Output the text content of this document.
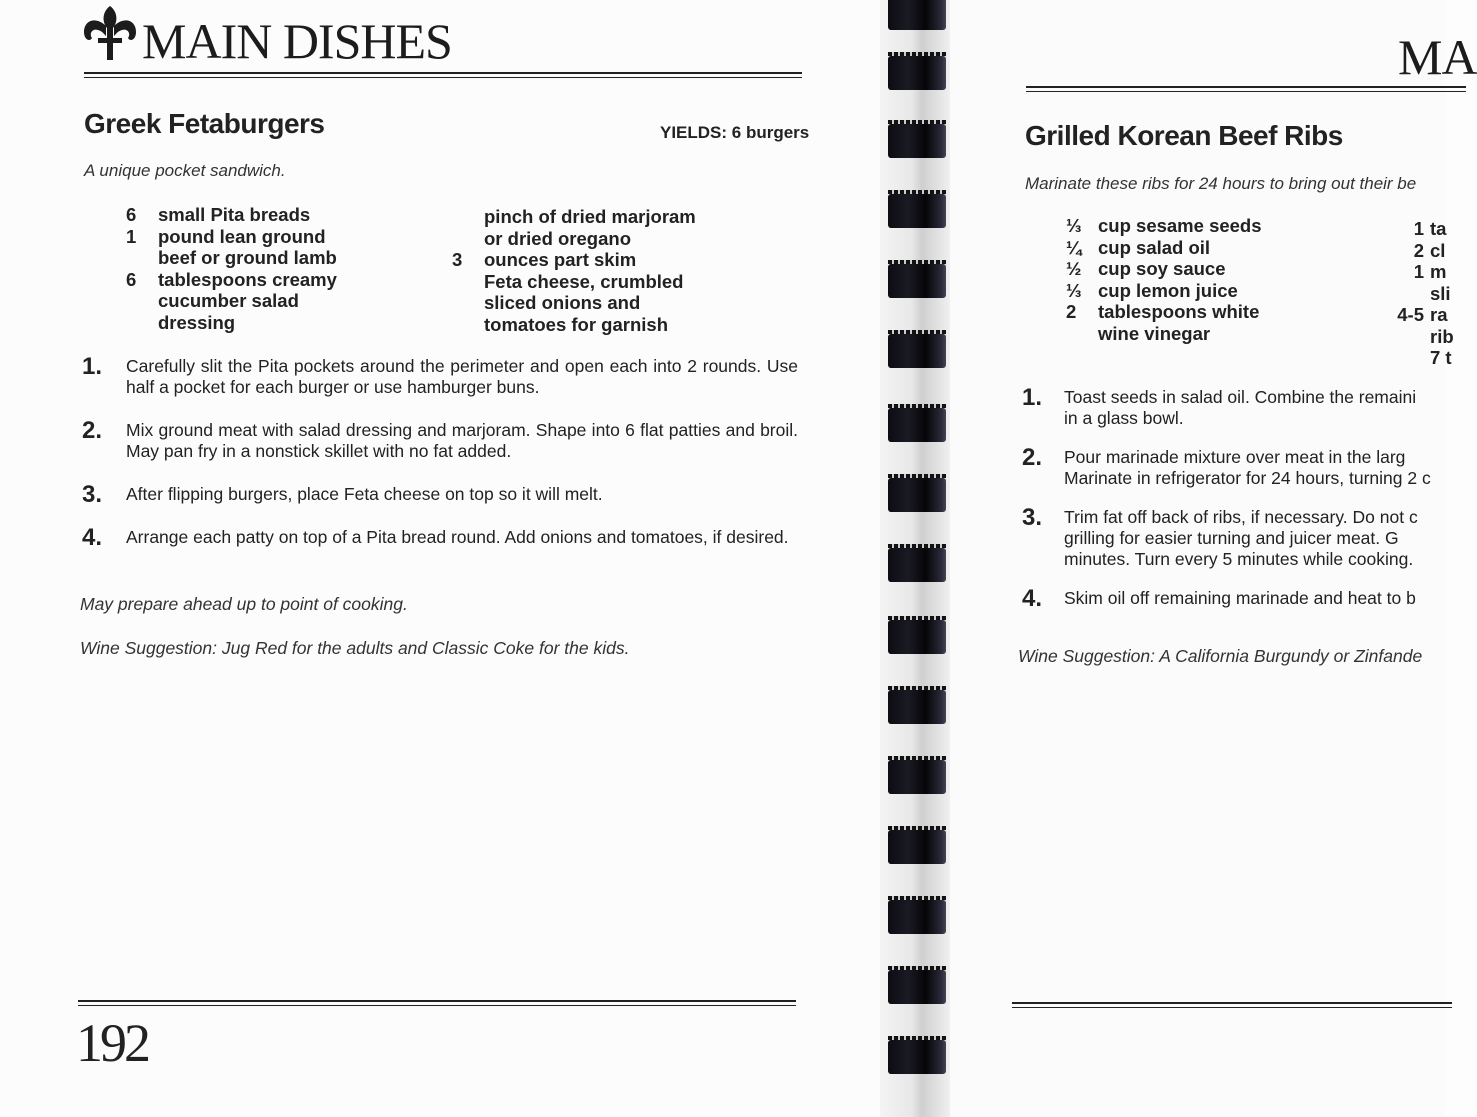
MAIN DISHES
Greek Fetaburgers	YIELDS: 6 burgers
A unique pocket sandwich.
6	small Pita breads
1	pound lean ground
beef or ground lamb
6	tablespoons creamy
cucumber salad
dressing
pinch of dried marjoram
or dried oregano
3	ounces part skim
Feta cheese, crumbled
sliced onions and
tomatoes for garnish
1.	Carefully slit the Pita pockets around the perimeter and open each into 2 rounds. Use half a pocket for each burger or use hamburger buns.
2.	Mix ground meat with salad dressing and marjoram. Shape into 6 flat patties and broil. May pan fry in a nonstick skillet with no fat added.
3.	After flipping burgers, place Feta cheese on top so it will melt.
4.	Arrange each patty on top of a Pita bread round. Add onions and tomatoes, if desired.
May prepare ahead up to point of cooking.
Wine Suggestion: Jug Red for the adults and Classic Coke for the kids.
192
MA
Grilled Korean Beef Ribs
Marinate these ribs for 24 hours to bring out their be
⅓ cup sesame seeds
¼ cup salad oil
½ cup soy sauce
⅓ cup lemon juice
2	tablespoons white
wine vinegar
1 ta
2 cl
1 m
sli
4-5 ra
rib
7 t
1.	Toast seeds in salad oil. Combine the remaini
in a glass bowl.
2.	Pour marinade mixture over meat in the larg
Marinate in refrigerator for 24 hours, turning 2 c
3.	Trim fat off back of ribs, if necessary. Do not c
grilling for easier turning and juicer meat. G
minutes. Turn every 5 minutes while cooking.
4.	Skim oil off remaining marinade and heat to b
Wine Suggestion: A California Burgundy or Zinfande
